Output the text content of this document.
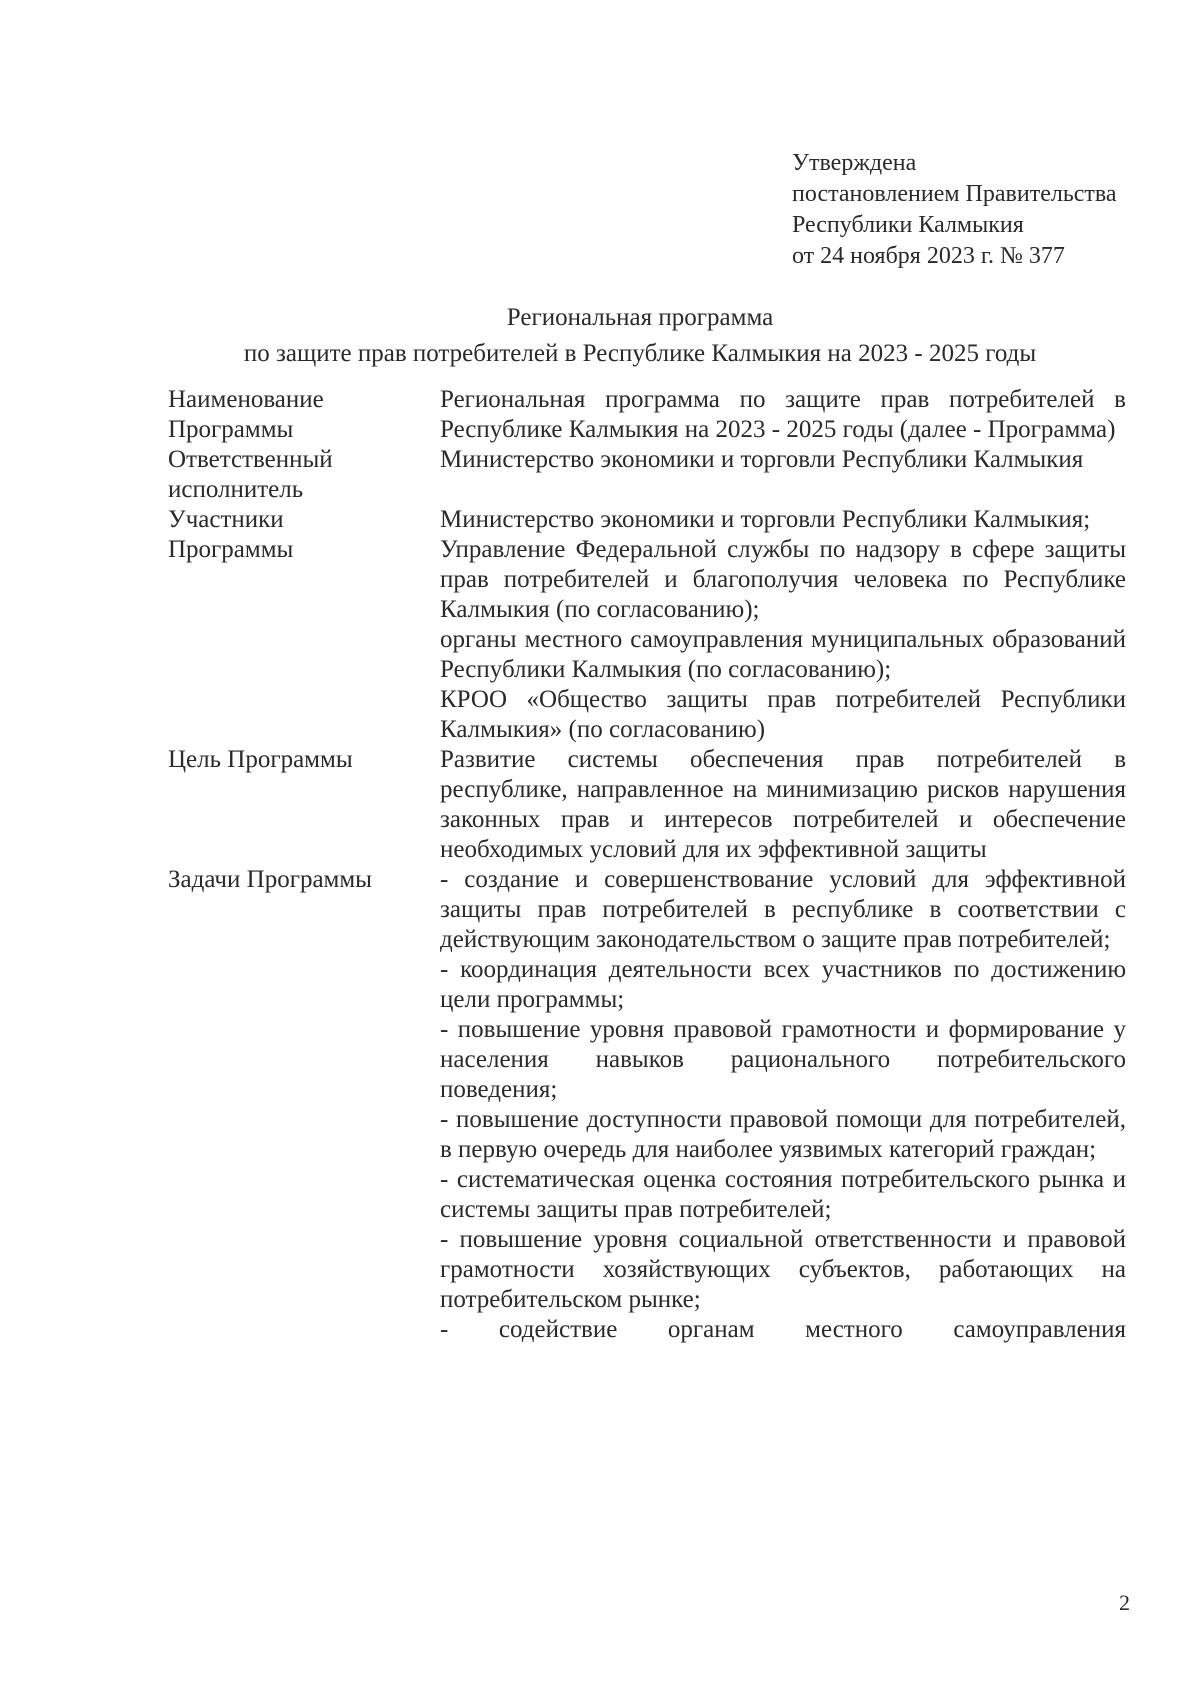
Утверждена
постановлением Правительства
Республики Калмыкия
от 24 ноября 2023 г. № 377
Региональная программа
по защите прав потребителей в Республике Калмыкия на 2023 - 2025 годы
Наименование
Программы
Региональная программа по защите прав потребителей в Республике Калмыкия на 2023 - 2025 годы (далее - Программа)
Ответственный
исполнитель
Министерство экономики и торговли Республики Калмыкия
Участники
Программы
Министерство экономики и торговли Республики Калмыкия;
Управление Федеральной службы по надзору в сфере защиты прав потребителей и благополучия человека по Республике Калмыкия (по согласованию);
органы местного самоуправления муниципальных образований Республики Калмыкия (по согласованию);
КРОО «Общество защиты прав потребителей Республики Калмыкия» (по согласованию)
Цель Программы	Развитие системы обеспечения прав потребителей в республике, направленное на минимизацию рисков нарушения законных прав и интересов потребителей и обеспечение необходимых условий для их эффективной защиты
Задачи Программы	- создание и совершенствование условий для эффективной защиты прав потребителей в республике в соответствии с действующим законодательством о защите прав потребителей;
- координация деятельности всех участников по достижению цели программы;
- повышение уровня правовой грамотности и формирование у населения навыков рационального потребительского поведения;
- повышение доступности правовой помощи для потребителей, в первую очередь для наиболее уязвимых категорий граждан;
- систематическая оценка состояния потребительского рынка и системы защиты прав потребителей;
- повышение уровня социальной ответственности и правовой грамотности хозяйствующих субъектов, работающих на потребительском рынке;
- содействие органам местного самоуправления
2
